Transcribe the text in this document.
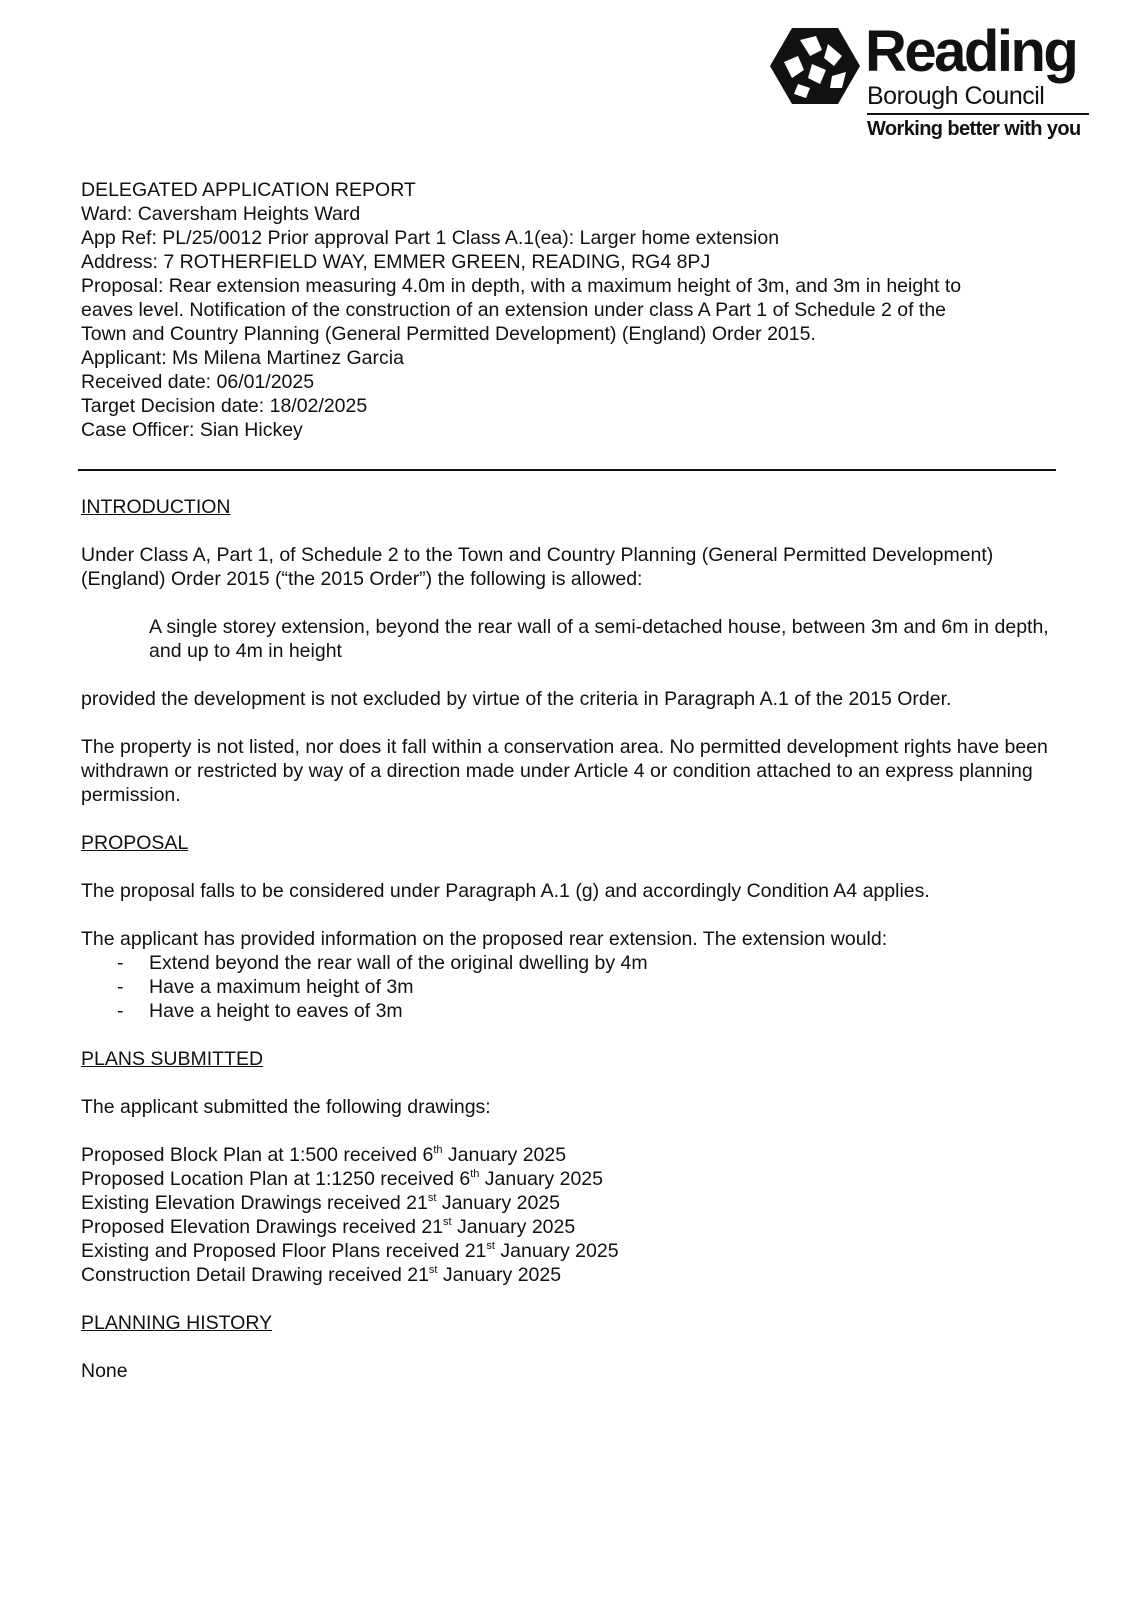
Reading
Borough Council
Working better with you
DELEGATED APPLICATION REPORT
Ward: Caversham Heights Ward
App Ref: PL/25/0012 Prior approval Part 1 Class A.1(ea): Larger home extension
Address: 7 ROTHERFIELD WAY, EMMER GREEN, READING, RG4 8PJ
Proposal: Rear extension measuring 4.0m in depth, with a maximum height of 3m, and 3m in height to
eaves level. Notification of the construction of an extension under class A Part 1 of Schedule 2 of the
Town and Country Planning (General Permitted Development) (England) Order 2015.
Applicant: Ms Milena Martinez Garcia
Received date: 06/01/2025
Target Decision date: 18/02/2025
Case Officer: Sian Hickey
INTRODUCTION

Under Class A, Part 1, of Schedule 2 to the Town and Country Planning (General Permitted Development) (England) Order 2015 (“the 2015 Order”) the following is allowed:

A single storey extension, beyond the rear wall of a semi-detached house, between 3m and 6m in depth, and up to 4m in height

provided the development is not excluded by virtue of the criteria in Paragraph A.1 of the 2015 Order.

The property is not listed, nor does it fall within a conservation area. No permitted development rights have been withdrawn or restricted by way of a direction made under Article 4 or condition attached to an express planning permission.

PROPOSAL

The proposal falls to be considered under Paragraph A.1 (g) and accordingly Condition A4 applies.

The applicant has provided information on the proposed rear extension. The extension would:
- Extend beyond the rear wall of the original dwelling by 4m
- Have a maximum height of 3m
- Have a height to eaves of 3m
PLANS SUBMITTED

The applicant submitted the following drawings:

Proposed Block Plan at 1:500 received 6th January 2025
Proposed Location Plan at 1:1250 received 6th January 2025
Existing Elevation Drawings received 21st January 2025
Proposed Elevation Drawings received 21st January 2025
Existing and Proposed Floor Plans received 21st January 2025
Construction Detail Drawing received 21st January 2025
PLANNING HISTORY

None
